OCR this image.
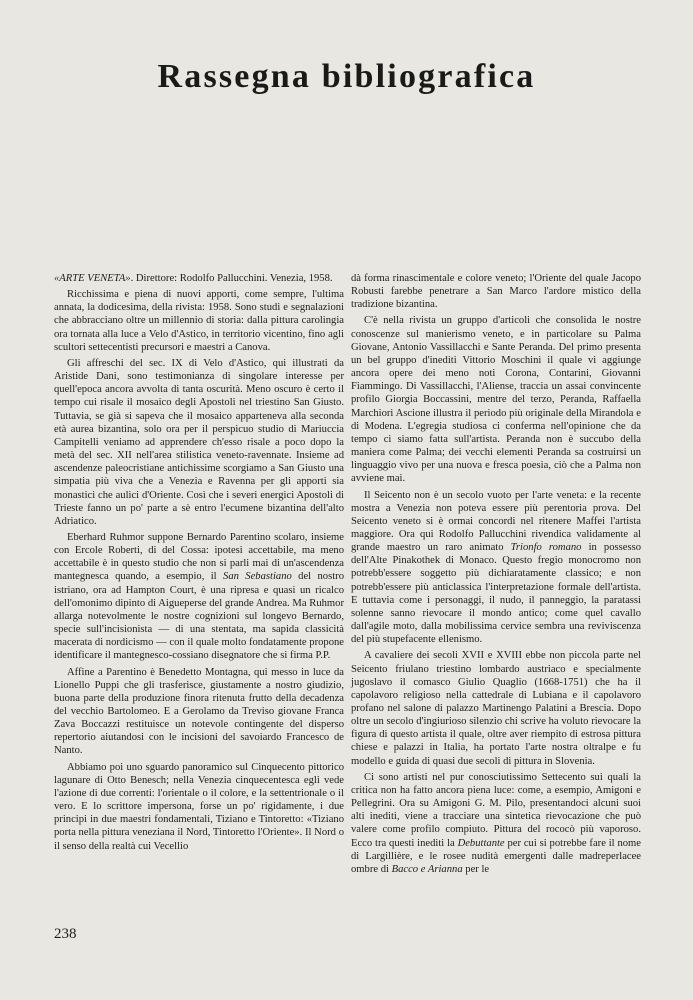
Rassegna bibliografica

«ARTE VENETA». Direttore: Rodolfo Pallucchini. Venezia, 1958.

Ricchissima e piena di nuovi apporti, come sempre, l'ultima annata, la dodicesima, della rivista: 1958. Sono studi e segnalazioni che abbracciano oltre un millennio di storia: dalla pittura carolingia ora tornata alla luce a Velo d'Astico, in territorio vicentino, fino agli scultori settecentisti precursori e maestri a Canova.

Gli affreschi del sec. IX di Velo d'Astico, qui illustrati da Aristide Dani, sono testimonianza di singolare interesse per quell'epoca ancora avvolta di tanta oscurità. Meno oscuro è certo il tempo cui risale il mosaico degli Apostoli nel triestino San Giusto. Tuttavia, se già si sapeva che il mosaico apparteneva alla seconda età aurea bizantina, solo ora per il perspicuo studio di Mariuccia Campitelli veniamo ad apprendere ch'esso risale a poco dopo la metà del sec. XII nell'area stilistica veneto-ravennate. Insieme ad ascendenze paleocristiane antichissime scorgiamo a San Giusto una simpatia più viva che a Venezia e Ravenna per gli apporti sia monastici che aulici d'Oriente. Così che i severi energici Apostoli di Trieste fanno un po' parte a sè entro l'ecumene bizantina dell'alto Adriatico.

Eberhard Ruhmor suppone Bernardo Parentino scolaro, insieme con Ercole Roberti, di del Cossa: ipotesi accettabile, ma meno accettabile è in questo studio che non si parli mai di un'ascendenza mantegnesca quando, a esempio, il San Sebastiano del nostro istriano, ora ad Hampton Court, è una ripresa e quasi un ricalco dell'omonimo dipinto di Aigueperse del grande Andrea. Ma Ruhmor allarga notevolmente le nostre cognizioni sul longevo Bernardo, specie sull'incisionista — di una stentata, ma sapida classicità macerata di nordicismo — con il quale molto fondatamente propone identificare il mantegnesco-cossiano disegnatore che si firma P.P.

Affine a Parentino è Benedetto Montagna, qui messo in luce da Lionello Puppi che gli trasferisce, giustamente a nostro giudizio, buona parte della produzione finora ritenuta frutto della decadenza del vecchio Bartolomeo. E a Gerolamo da Treviso giovane Franca Zava Boccazzi restituisce un notevole contingente del disperso repertorio aiutandosi con le incisioni del savoiardo Francesco de Nanto.

Abbiamo poi uno sguardo panoramico sul Cinquecento pittorico lagunare di Otto Benesch; nella Venezia cinquecentesca egli vede l'azione di due correnti: l'orientale o il colore, e la settentrionale o il vero. E lo scrittore impersona, forse un po' rigidamente, i due principi in due maestri fondamentali, Tiziano e Tintoretto: «Tiziano porta nella pittura veneziana il Nord, Tintoretto l'Oriente». Il Nord o il senso della realtà cui Vecellio

dà forma rinascimentale e colore veneto; l'Oriente del quale Jacopo Robusti farebbe penetrare a San Marco l'ardore mistico della tradizione bizantina.

C'è nella rivista un gruppo d'articoli che consolida le nostre conoscenze sul manierismo veneto, e in particolare su Palma Giovane, Antonio Vassillacchi e Sante Peranda. Del primo presenta un bel gruppo d'inediti Vittorio Moschini il quale vi aggiunge ancora opere dei meno noti Corona, Contarini, Giovanni Fiammingo. Di Vassillacchi, l'Aliense, traccia un assai convincente profilo Giorgia Boccassini, mentre del terzo, Peranda, Raffaella Marchiori Ascione illustra il periodo più originale della Mirandola e di Modena. L'egregia studiosa ci conferma nell'opinione che da tempo ci siamo fatta sull'artista. Peranda non è succubo della maniera come Palma; dei vecchi elementi Peranda sa costruirsi un linguaggio vivo per una nuova e fresca poesia, ciò che a Palma non avviene mai.

Il Seicento non è un secolo vuoto per l'arte veneta: e la recente mostra a Venezia non poteva essere più perentoria prova. Del Seicento veneto si è ormai concordi nel ritenere Maffei l'artista maggiore. Ora qui Rodolfo Pallucchini rivendica validamente al grande maestro un raro animato Trionfo romano in possesso dell'Alte Pinakothek di Monaco. Questo fregio monocromo non potrebb'essere soggetto più dichiaratamente classico; e non potrebb'essere più anticlassica l'interpretazione formale dell'artista. E tuttavia come i personaggi, il nudo, il panneggio, la paratassi solenne sanno rievocare il mondo antico; come quel cavallo dall'agile moto, dalla mobilissima cervice sembra una reviviscenza del più stupefacente ellenismo.

A cavaliere dei secoli XVII e XVIII ebbe non piccola parte nel Seicento friulano triestino lombardo austriaco e specialmente jugoslavo il comasco Giulio Quaglio (1668-1751) che ha il capolavoro religioso nella cattedrale di Lubiana e il capolavoro profano nel salone di palazzo Martinengo Palatini a Brescia. Dopo oltre un secolo d'ingiurioso silenzio chi scrive ha voluto rievocare la figura di questo artista il quale, oltre aver riempito di estrosa pittura chiese e palazzi in Italia, ha portato l'arte nostra oltralpe e fu modello e guida di quasi due secoli di pittura in Slovenia.

Ci sono artisti nel pur conosciutissimo Settecento sui quali la critica non ha fatto ancora piena luce: come, a esempio, Amigoni e Pellegrini. Ora su Amigoni G. M. Pilo, presentandoci alcuni suoi alti inediti, viene a tracciare una sintetica rievocazione che può valere come profilo compiuto. Pittura del rococò più vaporoso. Ecco tra questi inediti la Debuttante per cui si potrebbe fare il nome di Largillière, e le rosee nudità emergenti dalle madreperlacee ombre di Bacco e Arianna per le

238
